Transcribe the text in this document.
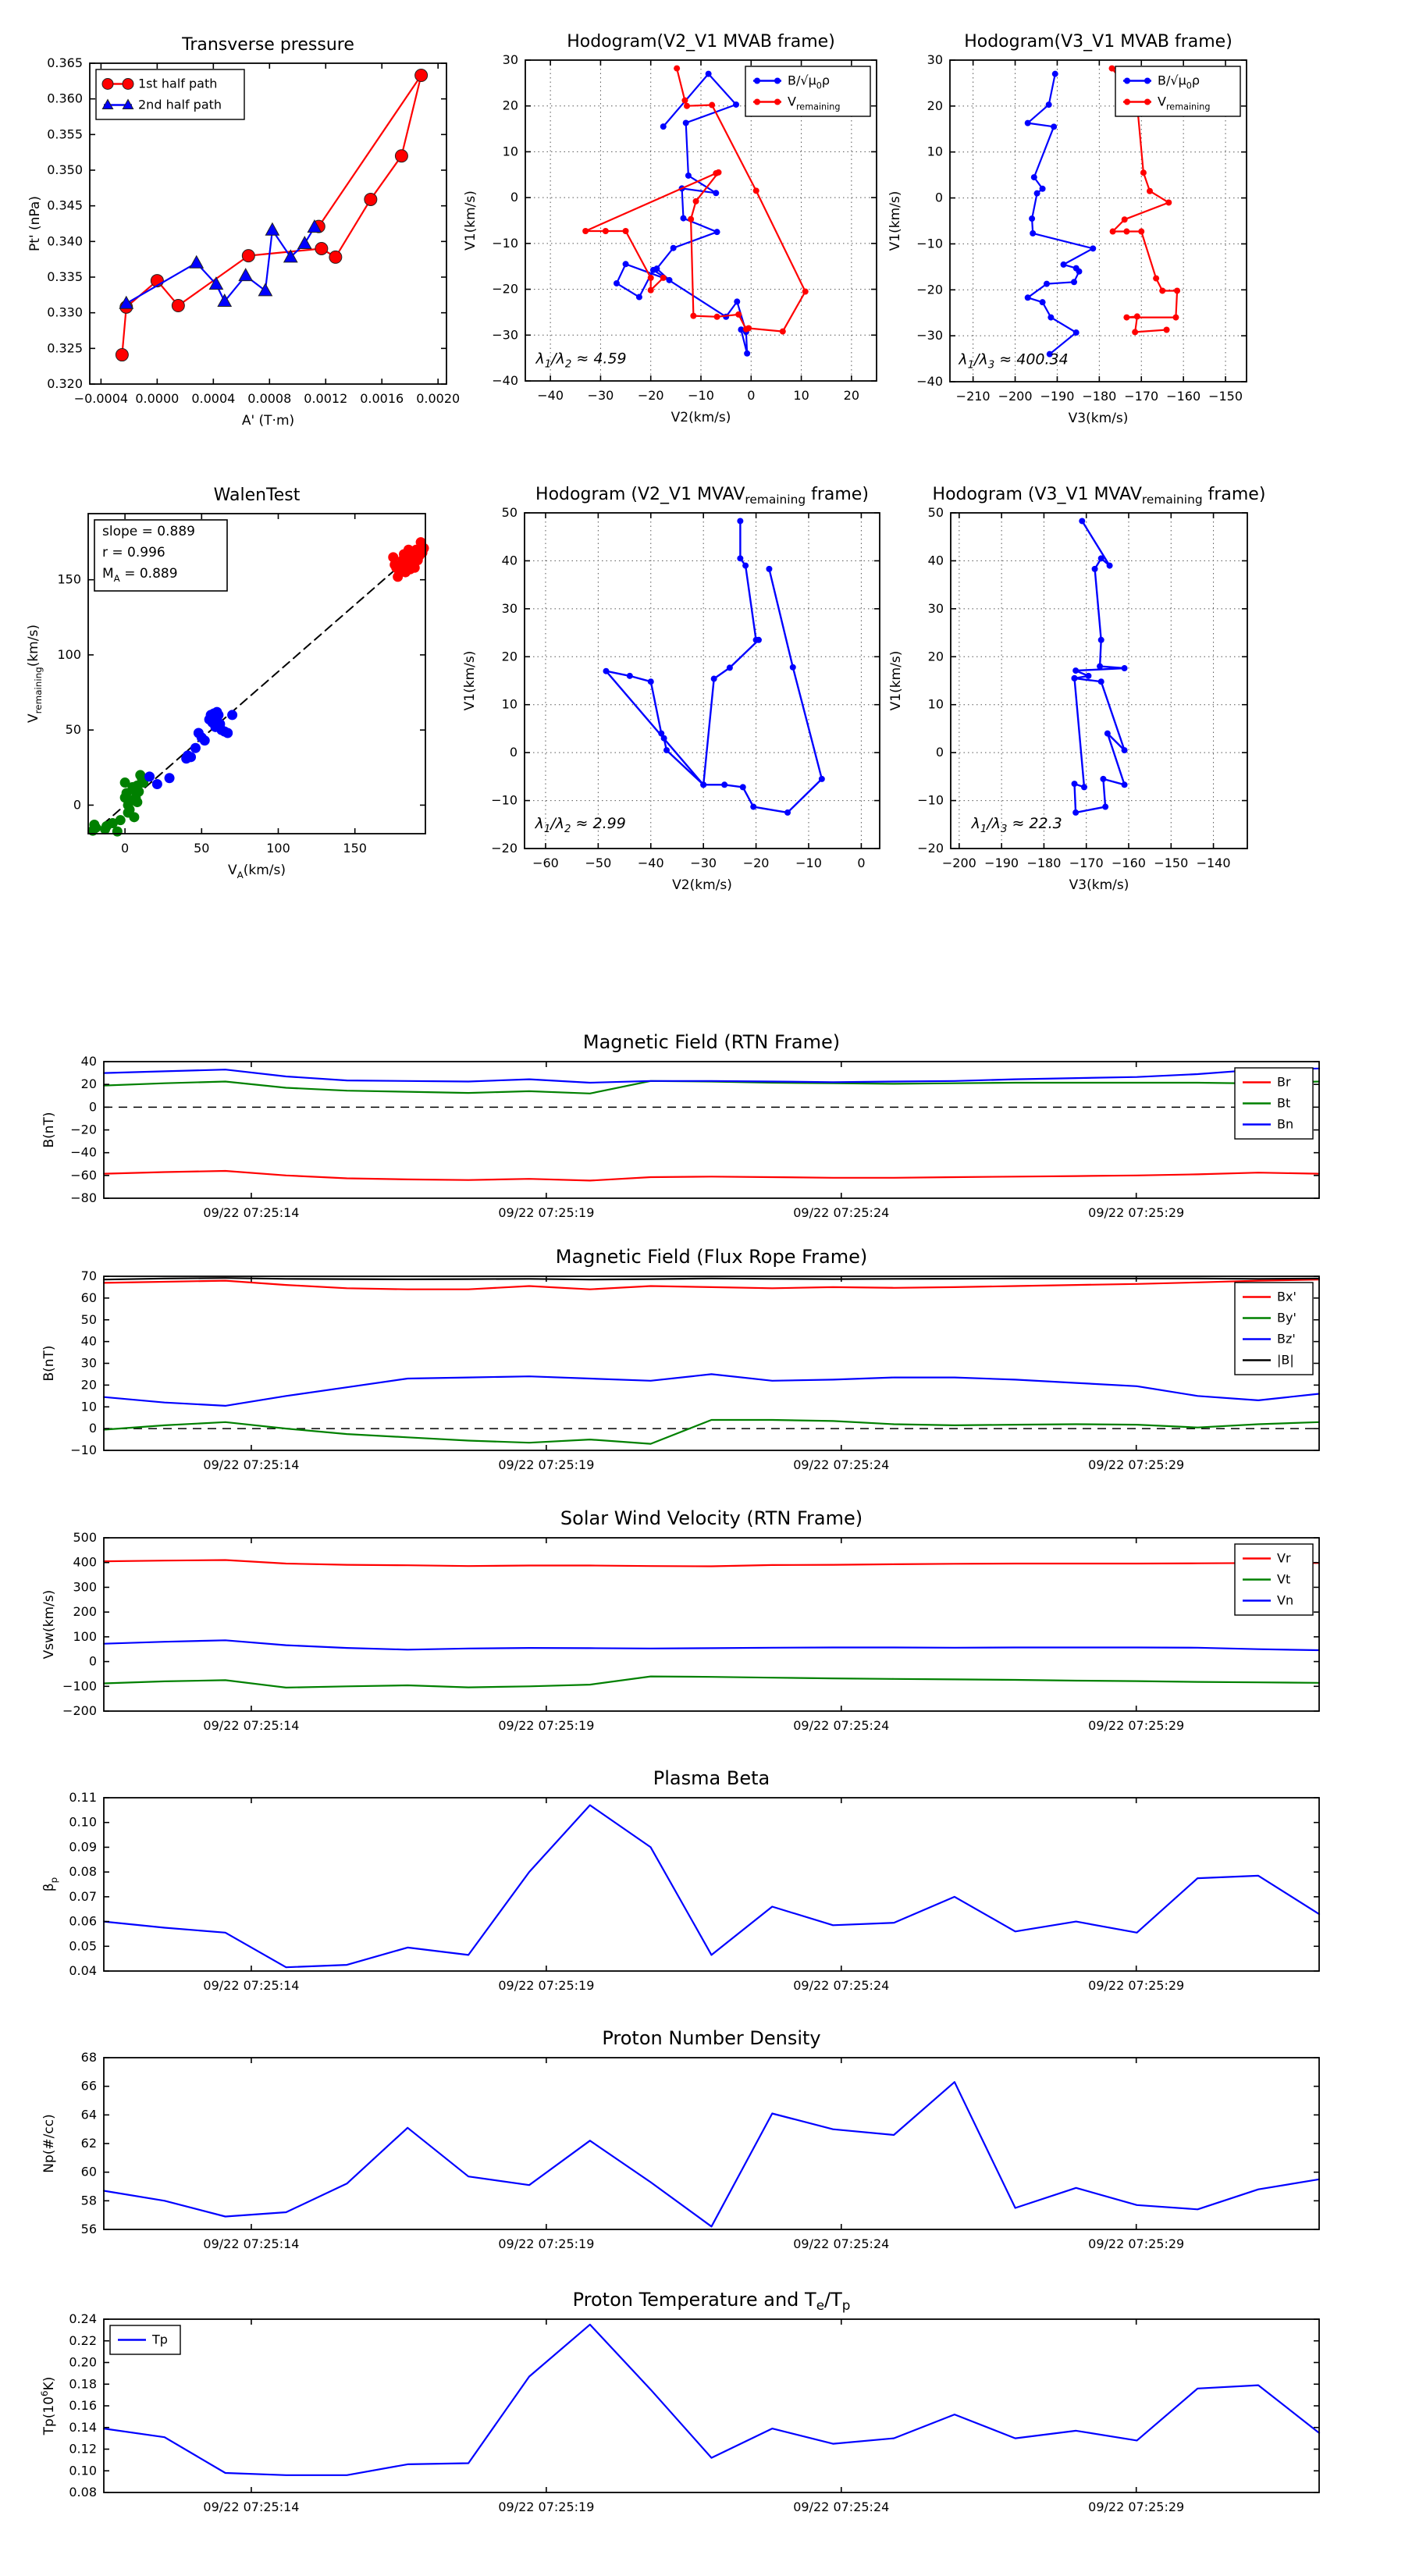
−0.0004 0.0000 0.0004 0.0008 0.0012 0.0016 0.0020
0.320
0.325
0.330
0.335
0.340
0.345
0.350
0.355
0.360
0.365
Transverse pressure
A' (T·m)
Pt' (nPa)
1st half path
2nd half path
−40 −30 −20 −10	0	10	20
−40
−30
−20
−10
0
10
20
30
Hodogram(V2_V1 MVAB frame)
V2(km/s)
V1(km/s)
$\lambda_1/\lambda_2 \approx 4.59$
$B/√\mu_0\rho$
$V_{remaining}$
−210 −200 −190 −180 −170 −160 −150
−40
−30
−20
−10
0
10
20
30
Hodogram(V3_V1 MVAB frame)
V3(km/s)
V1(km/s)
$\lambda_1/\lambda_3 \approx 400.34$
$B/√\mu_0\rho$
$V_{remaining}$
0	50	100	150
0
50
100
150
WalenTest
$V_A(km/s)$
$V_{remaining}(km/s)$
slope = 0.889
r = 0.996
$M_A = 0.889$
−60 −50 −40 −30 −20 −10	0
−20
−10
0
10
20
30
40
50
Hodogram (V2_V1 $MVAV_{remaining}$ frame)
V2(km/s)
V1(km/s)
$\lambda_1/\lambda_2 \approx 2.99$
−200 −190 −180 −170 −160 −150 −140
−20
−10
0
10
20
30
40
50
Hodogram (V3_V1 $MVAV_{remaining}$ frame)
V3(km/s)
V1(km/s)
$\lambda_1/\lambda_3 \approx 22.3$
09/22 07:25:14	09/22 07:25:19	09/22 07:25:24	09/22 07:25:29
−80
−60
−40
−20
0
20
40
Magnetic Field (RTN Frame)
B(nT)
Br
Bt
Bn
09/22 07:25:14	09/22 07:25:19	09/22 07:25:24	09/22 07:25:29
−10
0
10
20
30
40
50
60
70
Magnetic Field (Flux Rope Frame)
B(nT)
Bx'
By'
Bz'
|B|
09/22 07:25:14	09/22 07:25:19	09/22 07:25:24	09/22 07:25:29
−200
−100
0
100
200
300
400
500
Solar Wind Velocity (RTN Frame)
Vsw(km/s)
Vr
Vt
Vn
09/22 07:25:14	09/22 07:25:19	09/22 07:25:24	09/22 07:25:29
0.04
0.05
0.06
0.07
0.08
0.09
0.10
0.11
Plasma Beta
$\beta_p$
09/22 07:25:14	09/22 07:25:19	09/22 07:25:24	09/22 07:25:29
56
58
60
62
64
66
68
Proton Number Density
Np(#/cc)
09/22 07:25:14	09/22 07:25:19	09/22 07:25:24	09/22 07:25:29
0.08
0.10
0.12
0.14
0.16
0.18
0.20
0.22
0.24
Proton Temperature and $T_e/T_p$
$Tp(10^6K)$
Tp
